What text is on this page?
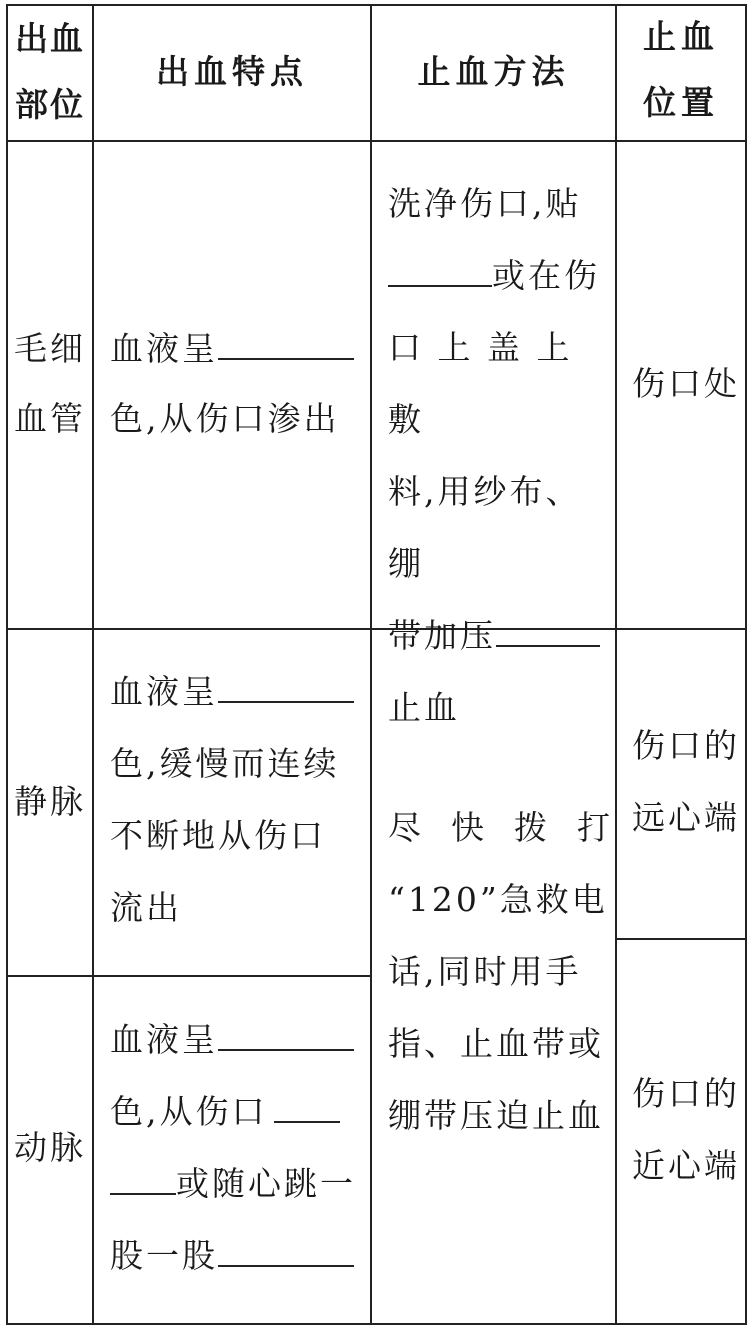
出血
部位
出血特点	止血方法
止血
位置
毛细
血管
血液呈
色,从伤口渗出
洗净伤口,贴
或在伤
口 上 盖 上 敷
料,用纱布、绷
带加压
止血
伤口处
静脉
血液呈
色,缓慢而连续
不断地从伤口
流出
伤口的
远心端
尽  快  拨  打
“120”急救电
话,同时用手
指、止血带或
绷带压迫止血
动脉
血液呈
色,从伤口
或随心跳一
股一股
伤口的
近心端
